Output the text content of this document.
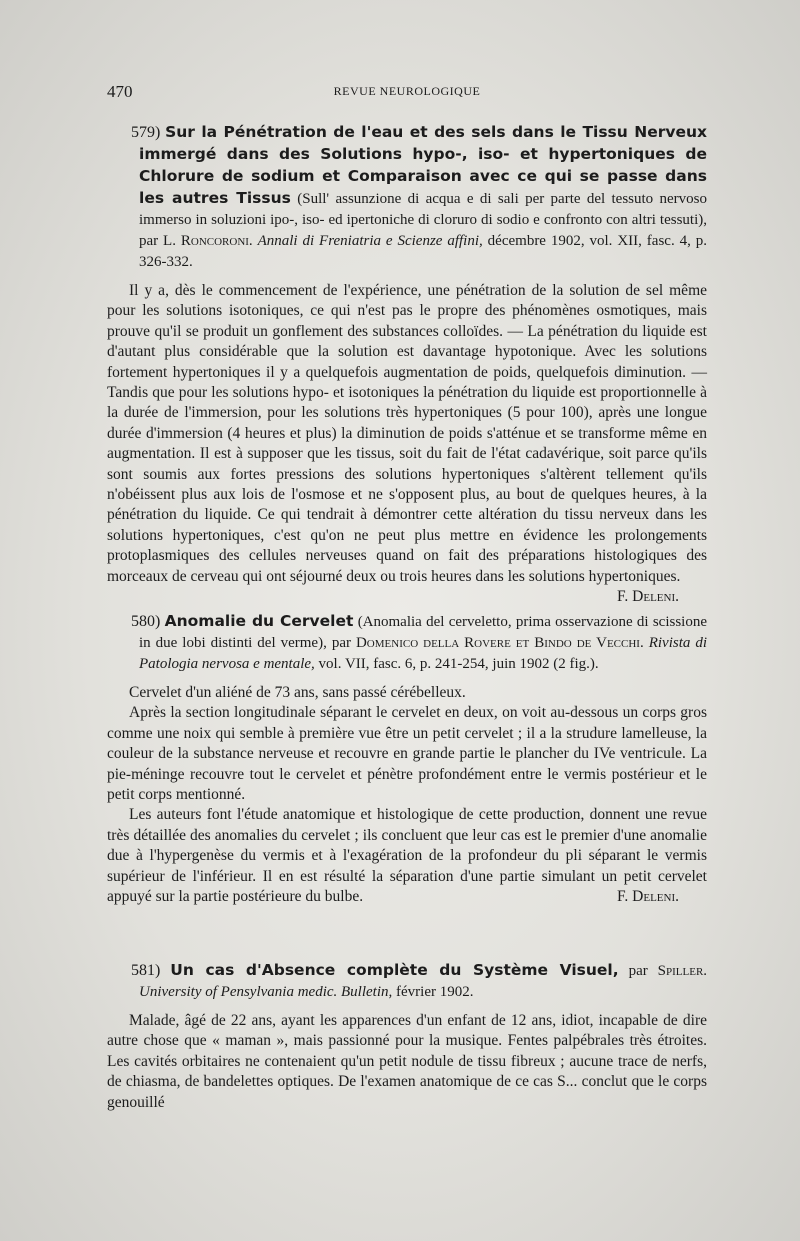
470	REVUE NEUROLOGIQUE

579) Sur la Pénétration de l'eau et des sels dans le Tissu Nerveux immergé dans des Solutions hypo-, iso- et hypertoniques de Chlorure de sodium et Comparaison avec ce qui se passe dans les autres Tissus (Sull' assunzione di acqua e di sali per parte del tessuto nervoso immerso in soluzioni ipo-, iso- ed ipertoniche di cloruro di sodio e confronto con altri tessuti), par L. Roncoroni. Annali di Freniatria e Scienze affini, décembre 1902, vol. XII, fasc. 4, p. 326-332.

Il y a, dès le commencement de l'expérience, une pénétration de la solution de sel même pour les solutions isotoniques, ce qui n'est pas le propre des phénomènes osmotiques, mais prouve qu'il se produit un gonflement des substances colloïdes. — La pénétration du liquide est d'autant plus considérable que la solution est davantage hypotonique. Avec les solutions fortement hypertoniques il y a quelquefois augmentation de poids, quelquefois diminution. — Tandis que pour les solutions hypo- et isotoniques la pénétration du liquide est proportionnelle à la durée de l'immersion, pour les solutions très hypertoniques (5 pour 100), après une longue durée d'immersion (4 heures et plus) la diminution de poids s'atténue et se transforme même en augmentation. Il est à supposer que les tissus, soit du fait de l'état cadavérique, soit parce qu'ils sont soumis aux fortes pressions des solutions hypertoniques s'altèrent tellement qu'ils n'obéissent plus aux lois de l'osmose et ne s'opposent plus, au bout de quelques heures, à la pénétration du liquide. Ce qui tendrait à démontrer cette altération du tissu nerveux dans les solutions hypertoniques, c'est qu'on ne peut plus mettre en évidence les prolongements protoplasmiques des cellules nerveuses quand on fait des préparations histologiques des morceaux de cerveau qui ont séjourné deux ou trois heures dans les solutions hypertoniques.
F. Deleni.

580) Anomalie du Cervelet (Anomalia del cerveletto, prima osservazione di scissione in due lobi distinti del verme), par Domenico della Rovere et Bindo de Vecchi. Rivista di Patologia nervosa e mentale, vol. VII, fasc. 6, p. 241-254, juin 1902 (2 fig.).

Cervelet d'un aliéné de 73 ans, sans passé cérébelleux.

Après la section longitudinale séparant le cervelet en deux, on voit au-dessous un corps gros comme une noix qui semble à première vue être un petit cervelet ; il a la strudure lamelleuse, la couleur de la substance nerveuse et recouvre en grande partie le plancher du IVe ventricule. La pie-méninge recouvre tout le cervelet et pénètre profondément entre le vermis postérieur et le petit corps mentionné.

Les auteurs font l'étude anatomique et histologique de cette production, donnent une revue très détaillée des anomalies du cervelet ; ils concluent que leur cas est le premier d'une anomalie due à l'hypergenèse du vermis et à l'exagération de la profondeur du pli séparant le vermis supérieur de l'inférieur. Il en est résulté la séparation d'une partie simulant un petit cervelet appuyé sur la partie postérieure du bulbe.	F. Deleni.

581) Un cas d'Absence complète du Système Visuel, par Spiller. University of Pensylvania medic. Bulletin, février 1902.

Malade, âgé de 22 ans, ayant les apparences d'un enfant de 12 ans, idiot, incapable de dire autre chose que « maman », mais passionné pour la musique. Fentes palpébrales très étroites. Les cavités orbitaires ne contenaient qu'un petit nodule de tissu fibreux ; aucune trace de nerfs, de chiasma, de bandelettes optiques. De l'examen anatomique de ce cas S... conclut que le corps genouillé
